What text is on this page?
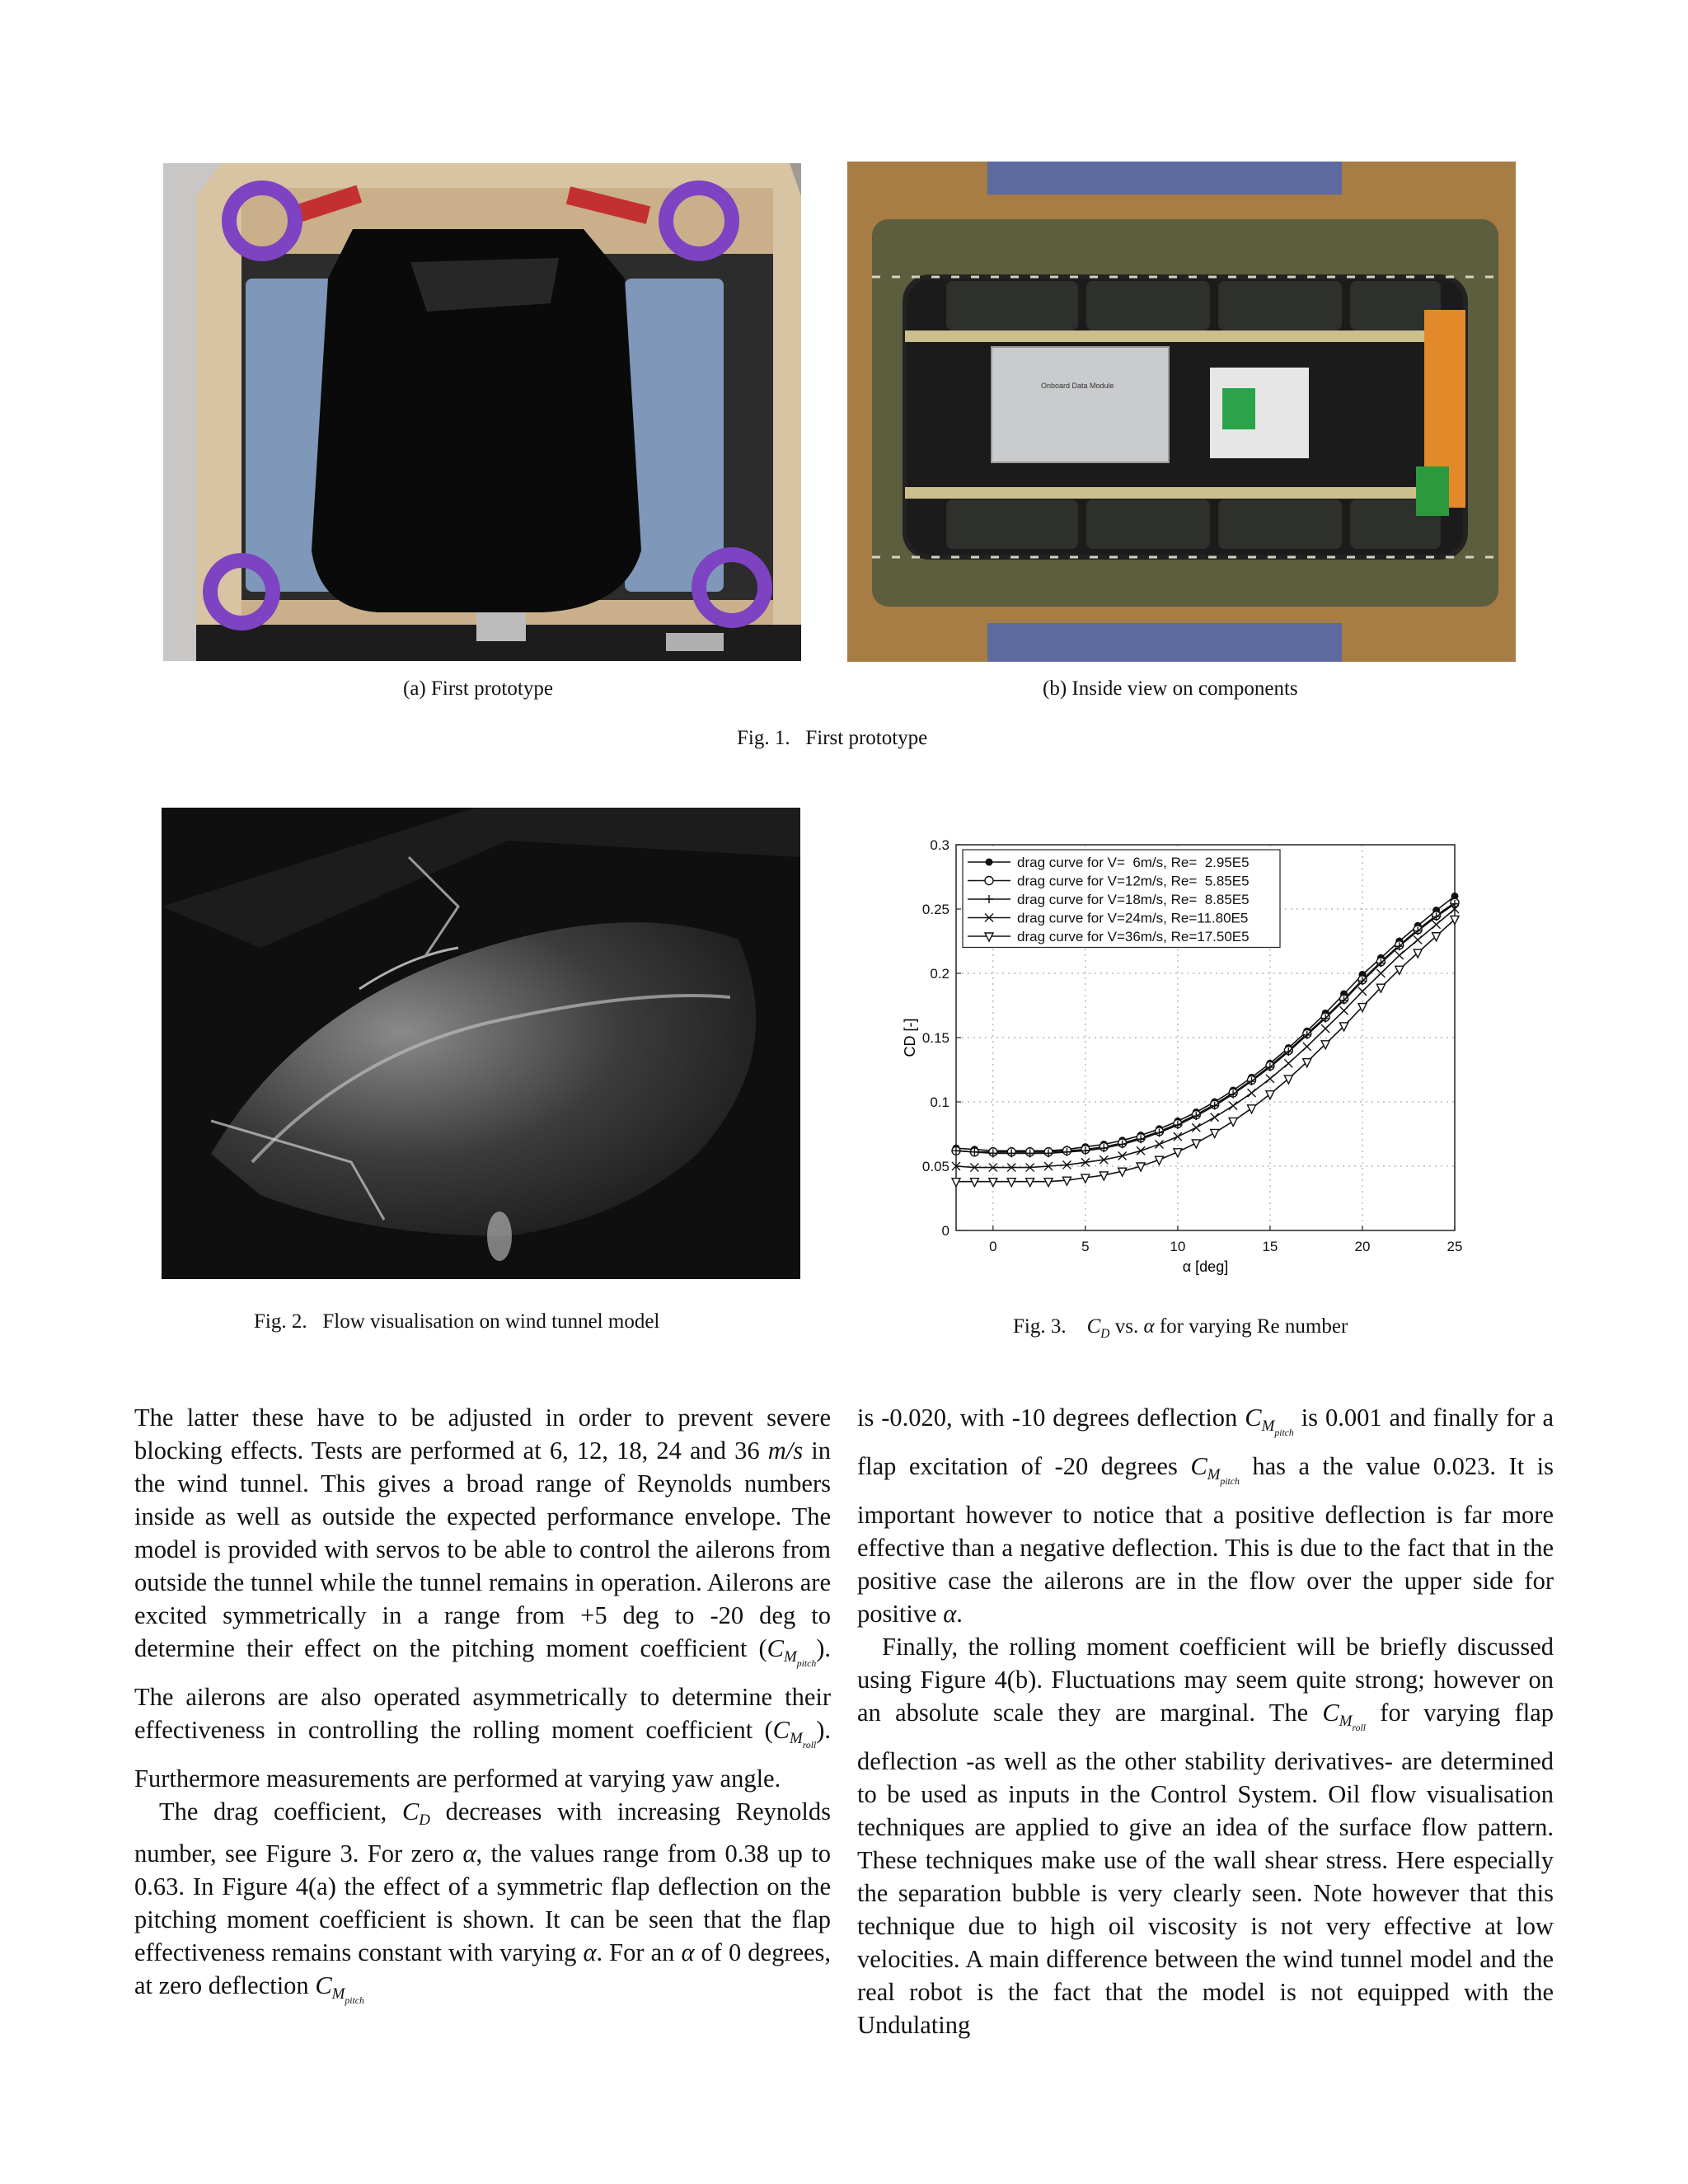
Onboard Data Module
(a) First prototype	(b) Inside view on components
Fig. 1.   First prototype
Fig. 2.   Flow visualisation on wind tunnel model
0	5	10	15	20	25
0
0.05
0.1
0.15
0.2
0.25
0.3
drag curve for V=  6m/s, Re=  2.95E5
drag curve for V=12m/s, Re=  5.85E5
drag curve for V=18m/s, Re=  8.85E5
drag curve for V=24m/s, Re=11.80E5
drag curve for V=36m/s, Re=17.50E5
α [deg]
CD [-]
Fig. 3. $C_D$ vs. α for varying Re number

The latter these have to be adjusted in order to prevent severe blocking effects. Tests are performed at 6, 12, 18, 24 and 36 m/s in the wind tunnel. This gives a broad range of Reynolds numbers inside as well as outside the expected performance envelope. The model is provided with servos to be able to control the ailerons from outside the tunnel while the tunnel remains in operation. Ailerons are excited symmetrically in a range from +5 deg to -20 deg to determine their effect on the pitching moment coefficient $(C_{M_{pitch}})$. The ailerons are also operated asymmetrically to determine their effectiveness in controlling the rolling moment coefficient $(C_{M_{roll}})$. Furthermore measurements are performed at varying yaw angle.

The drag coefficient, $C_D$ decreases with increasing Reynolds number, see Figure 3. For zero α, the values range from 0.38 up to 0.63. In Figure 4(a) the effect of a symmetric flap deflection on the pitching moment coefficient is shown. It can be seen that the flap effectiveness remains constant with varying α. For an α of 0 degrees, at zero deflection $C_{M_{pitch}}$

is -0.020, with -10 degrees deflection $C_{M_{pitch}}$ is 0.001 and finally for a flap excitation of -20 degrees $C_{M_{pitch}}$ has a the value 0.023. It is important however to notice that a positive deflection is far more effective than a negative deflection. This is due to the fact that in the positive case the ailerons are in the flow over the upper side for positive α.

Finally, the rolling moment coefficient will be briefly discussed using Figure 4(b). Fluctuations may seem quite strong; however on an absolute scale they are marginal. The $C_{M_{roll}}$ for varying flap deflection -as well as the other stability derivatives- are determined to be used as inputs in the Control System. Oil flow visualisation techniques are applied to give an idea of the surface flow pattern. These techniques make use of the wall shear stress. Here especially the separation bubble is very clearly seen. Note however that this technique due to high oil viscosity is not very effective at low velocities. A main difference between the wind tunnel model and the real robot is the fact that the model is not equipped with the Undulating
